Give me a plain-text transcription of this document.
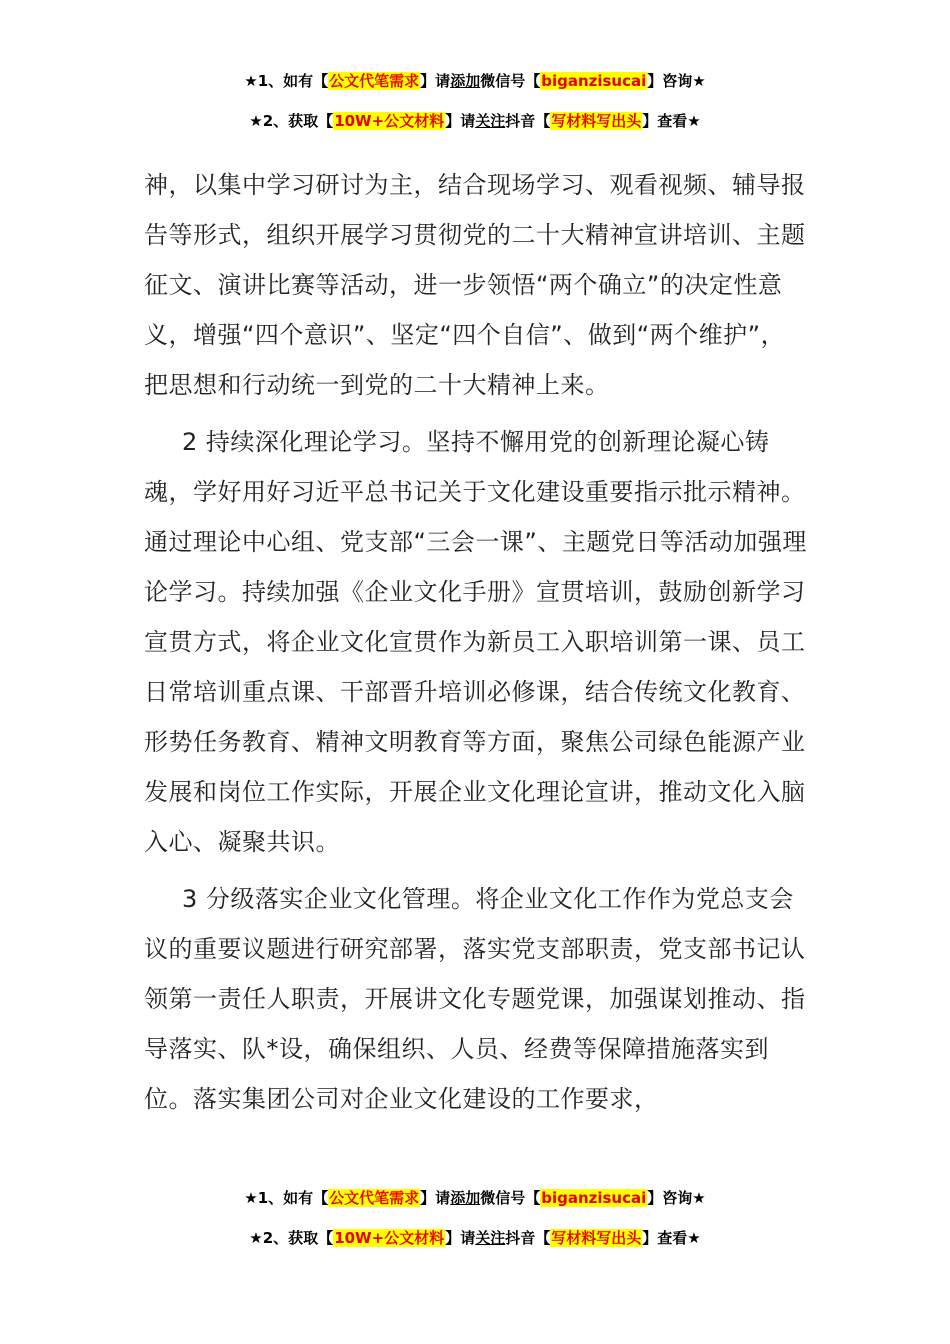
★1、如有【公文代笔需求】请添加微信号【biganzisucai】咨询★
★2、获取【10W+公文材料】请关注抖音【写材料写出头】查看★

神，以集中学习研讨为主，结合现场学习、观看视频、辅导报告等形式，组织开展学习贯彻党的二十大精神宣讲培训、主题征文、演讲比赛等活动，进一步领悟“两个确立”的决定性意义，增强“四个意识”、坚定“四个自信”、做到“两个维护”，把思想和行动统一到党的二十大精神上来。

2 持续深化理论学习。坚持不懈用党的创新理论凝心铸魂，学好用好习近平总书记关于文化建设重要指示批示精神。通过理论中心组、党支部“三会一课”、主题党日等活动加强理论学习。持续加强《企业文化手册》宣贯培训，鼓励创新学习宣贯方式，将企业文化宣贯作为新员工入职培训第一课、员工日常培训重点课、干部晋升培训必修课，结合传统文化教育、形势任务教育、精神文明教育等方面，聚焦公司绿色能源产业发展和岗位工作实际，开展企业文化理论宣讲，推动文化入脑入心、凝聚共识。

3 分级落实企业文化管理。将企业文化工作作为党总支会议的重要议题进行研究部署，落实党支部职责，党支部书记认领第一责任人职责，开展讲文化专题党课，加强谋划推动、指导落实、队*设，确保组织、人员、经费等保障措施落实到位。落实集团公司对企业文化建设的工作要求，

★1、如有【公文代笔需求】请添加微信号【biganzisucai】咨询★
★2、获取【10W+公文材料】请关注抖音【写材料写出头】查看★
